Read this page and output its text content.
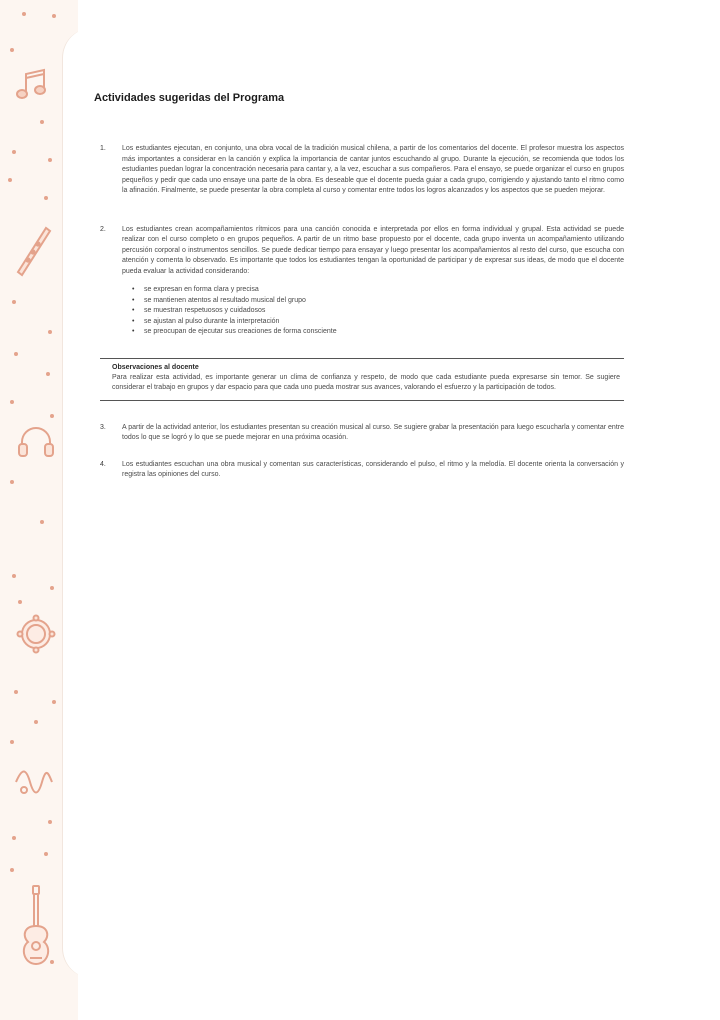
Actividades sugeridas del Programa
1.	Los estudiantes ejecutan, en conjunto, una obra vocal de la tradición musical chilena, a partir de los comentarios del docente. El profesor muestra los aspectos más importantes a considerar en la canción y explica la importancia de cantar juntos escuchando al grupo. Durante la ejecución, se recomienda que todos los estudiantes puedan lograr la concentración necesaria para cantar y, a la vez, escuchar a sus compañeros. Para el ensayo, se puede organizar el curso en grupos pequeños y pedir que cada uno ensaye una parte de la obra. Es deseable que el docente pueda guiar a cada grupo, corrigiendo y ajustando tanto el ritmo como la afinación. Finalmente, se puede presentar la obra completa al curso y comentar entre todos los logros alcanzados y los aspectos que se pueden mejorar.
2.	Los estudiantes crean acompañamientos rítmicos para una canción conocida e interpretada por ellos en forma individual y grupal. Esta actividad se puede realizar con el curso completo o en grupos pequeños. A partir de un ritmo base propuesto por el docente, cada grupo inventa un acompañamiento utilizando percusión corporal o instrumentos sencillos. Se puede dedicar tiempo para ensayar y luego presentar los acompañamientos al resto del curso, que escucha con atención y comenta lo observado. Es importante que todos los estudiantes tengan la oportunidad de participar y de expresar sus ideas, de modo que el docente pueda evaluar la actividad considerando:
• se expresan en forma clara y precisa
• se mantienen atentos al resultado musical del grupo
• se muestran respetuosos y cuidadosos
• se ajustan al pulso durante la interpretación
• se preocupan de ejecutar sus creaciones de forma consciente
Observaciones al docente
Para realizar esta actividad, es importante generar un clima de confianza y respeto, de modo que cada estudiante pueda expresarse sin temor. Se sugiere considerar el trabajo en grupos y dar espacio para que cada uno pueda mostrar sus avances, valorando el esfuerzo y la participación de todos.
3.	A partir de la actividad anterior, los estudiantes presentan su creación musical al curso. Se sugiere grabar la presentación para luego escucharla y comentar entre todos lo que se logró y lo que se puede mejorar en una próxima ocasión.
4.	Los estudiantes escuchan una obra musical y comentan sus características, considerando el pulso, el ritmo y la melodía. El docente orienta la conversación y registra las opiniones del curso.
